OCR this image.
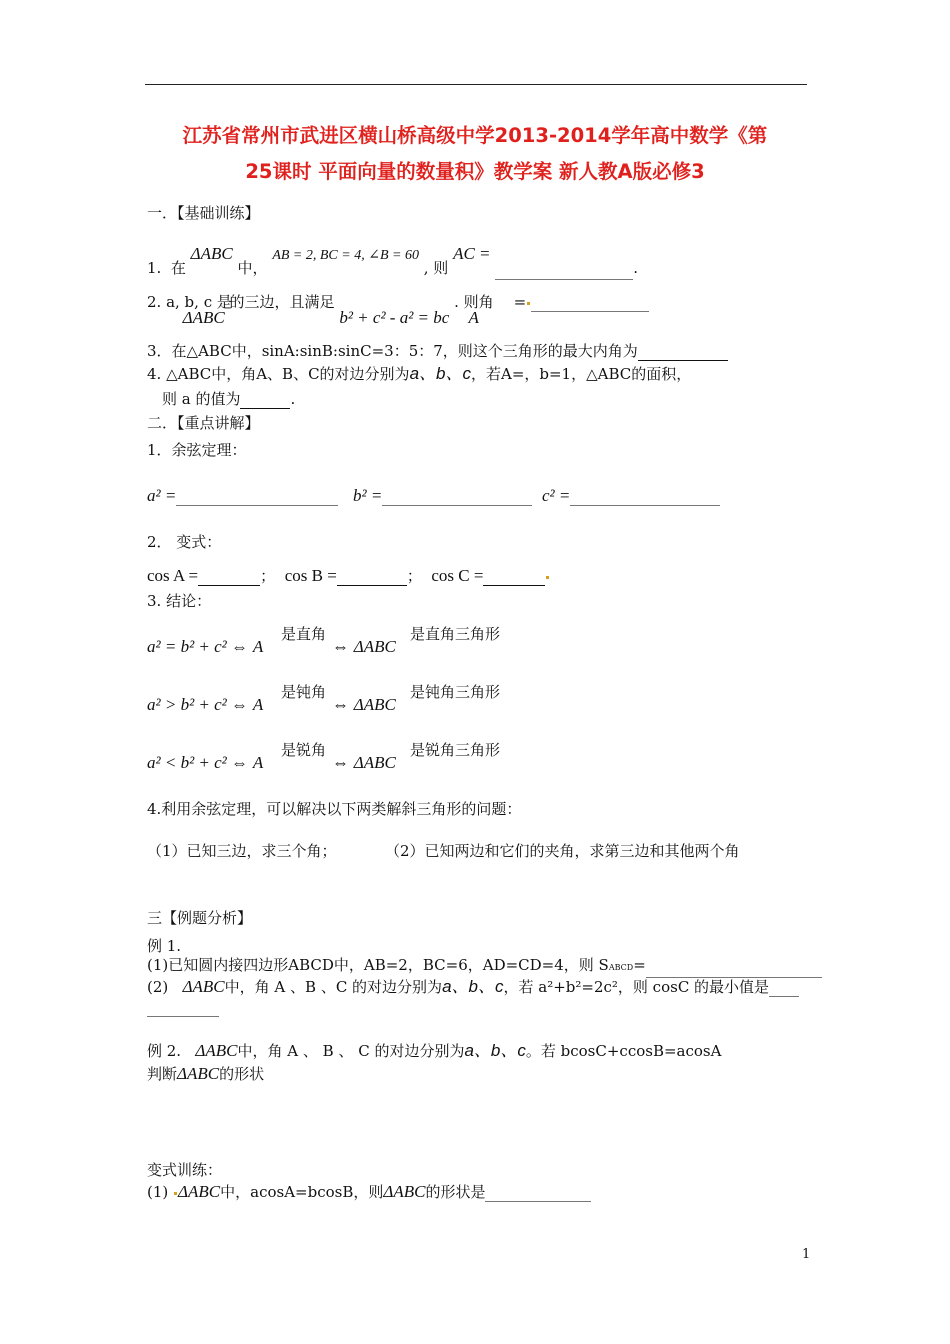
江苏省常州市武进区横山桥高级中学2013-2014学年高中数学《第
25课时 平面向量的数量积》教学案 新人教A版必修3
一．【基础训练】
1. 在 ΔABC 中， AB = 2, BC = 4, ∠B = 60 , 则 AC = .
2. a, b, c 是 ΔABC 的三边，且满足 b² + c² - a² = bc . 则角 A =
3．在△ABC中，sinA:sinB:sinC=3：5：7，则这个三角形的最大内角为
4. △ABC中，角A、B、C的对边分别为a、b、c，若A=，b=1，△ABC的面积，
则 a 的值为	.
二．【重点讲解】
1．余弦定理：
a² =	b² =	c² =
2． 变式：
cos A =	； cos B =	； cos C =
3. 结论：
a² = b² + c² ⇔ A
是直角
⇔ ΔABC
是直角三角形
a² > b² + c² ⇔ A
是钝角
⇔ ΔABC
是钝角三角形
a² < b² + c² ⇔ A
是锐角
⇔ ΔABC
是锐角三角形
4.利用余弦定理，可以解决以下两类解斜三角形的问题：
（1）已知三边，求三个角；	（2）已知两边和它们的夹角，求第三边和其他两个角
三【例题分析】
例 1.
(1)已知圆内接四边形ABCD中，AB=2，BC=6，AD=CD=4，则 SABCD=
(2) ΔABC中，角 A 、B 、C 的对边分别为a、b、c，若 a²+b²=2c²，则 cosC 的最小值是
例 2. ΔABC中，角 A 、 B 、 C 的对边分别为a、b、c。若 bcosC+ccosB=acosA
判断ΔABC的形状
变式训练：
(1) ΔABC中，acosA=bcosB，则ΔABC的形状是
1
